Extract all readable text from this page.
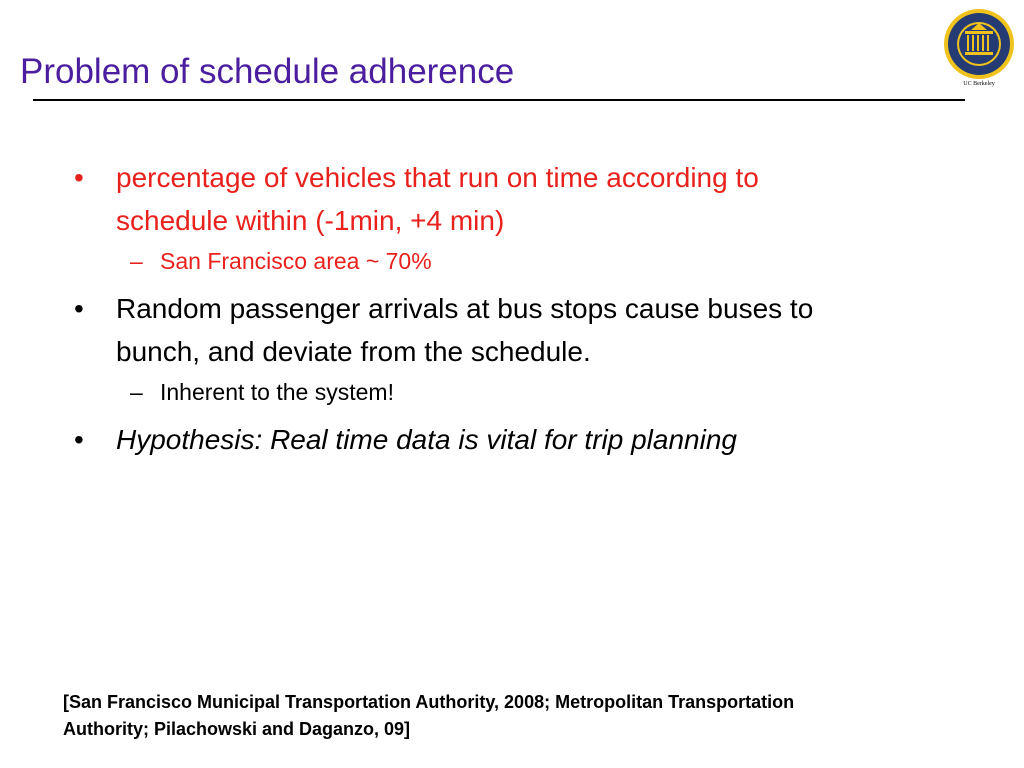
Problem of schedule adherence	UC Berkeley
•	percentage of vehicles that run on time according to schedule within (-1min, +4 min)
– San Francisco area ~ 70%
•	Random passenger arrivals at bus stops cause buses to bunch, and deviate from the schedule.
– Inherent to the system!
•	Hypothesis: Real time data is vital for trip planning
[San Francisco Municipal Transportation Authority, 2008; Metropolitan Transportation Authority; Pilachowski and Daganzo, 09]
